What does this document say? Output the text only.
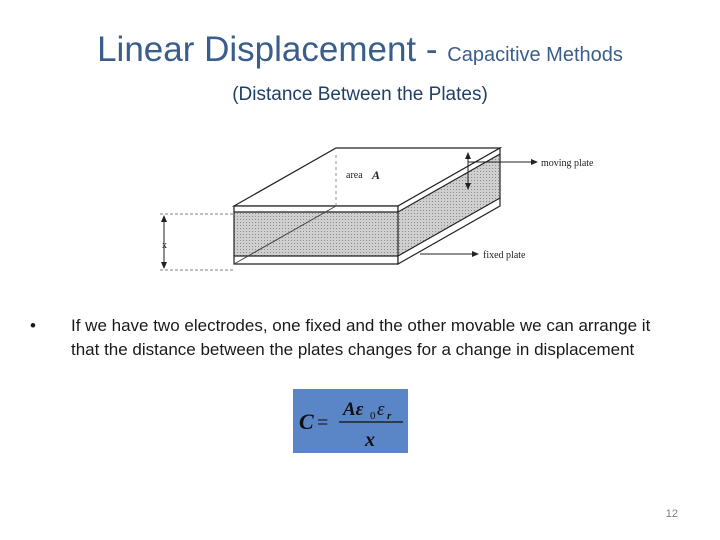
Linear Displacement - Capacitive Methods
(Distance Between the Plates)
area A
x
moving plate
fixed plate
• If we have two electrodes, one fixed and the other movable we can arrange it that the distance between the plates changes for a change in displacement
C =
Aε 0 ε r
x
12
